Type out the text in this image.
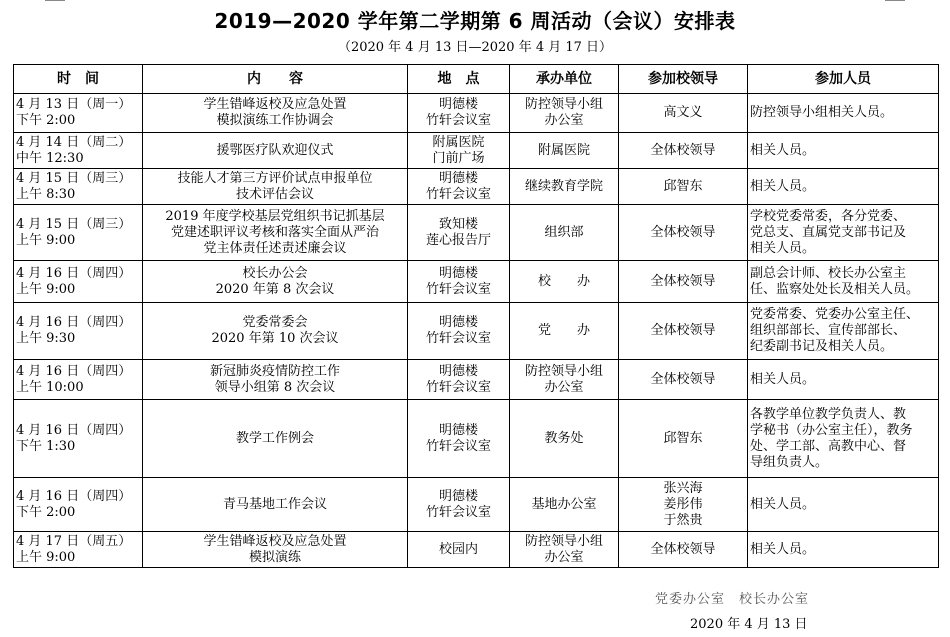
2019—2020 学年第二学期第 6 周活动（会议）安排表
（2020 年 4 月 13 日—2020 年 4 月 17 日）
时　间	内　　容	地　点	承办单位	参加校领导	参加人员

4 月 13 日（周一）
下午 2:00	学生错峰返校及应急处置
模拟演练工作协调会	明德楼
竹轩会议室	防控领导小组
办公室	高文义	防控领导小组相关人员。

4 月 14 日（周二）
中午 12:30	援鄂医疗队欢迎仪式	附属医院
门前广场	附属医院	全体校领导	相关人员。

4 月 15 日（周三）
上午 8:30	技能人才第三方评价试点申报单位
技术评估会议	明德楼
竹轩会议室	继续教育学院	邱智东	相关人员。

4 月 15 日（周三）
上午 9:00	2019 年度学校基层党组织书记抓基层
党建述职评议考核和落实全面从严治
党主体责任述责述廉会议	致知楼
莲心报告厅	组织部	全体校领导	学校党委常委，各分党委、
党总支、直属党支部书记及
相关人员。

4 月 16 日（周四）
上午 9:00	校长办公会
2020 年第 8 次会议	明德楼
竹轩会议室	校　　办	全体校领导	副总会计师、校长办公室主
任、监察处处长及相关人员。

4 月 16 日（周四）
上午 9:30	党委常委会
2020 年第 10 次会议	明德楼
竹轩会议室	党　　办	全体校领导	党委常委、党委办公室主任、
组织部部长、宣传部部长、
纪委副书记及相关人员。

4 月 16 日（周四）
上午 10:00	新冠肺炎疫情防控工作
领导小组第 8 次会议	明德楼
竹轩会议室	防控领导小组
办公室	全体校领导	相关人员。

4 月 16 日（周四）
下午 1:30	教学工作例会	明德楼
竹轩会议室	教务处	邱智东	各教学单位教学负责人、教
学秘书（办公室主任），教务
处、学工部、高教中心、督
导组负责人。

4 月 16 日（周四）
下午 2:00	青马基地工作会议	明德楼
竹轩会议室	基地办公室	张兴海
姜彤伟
于然贵	相关人员。

4 月 17 日（周五）
上午 9:00	学生错峰返校及应急处置
模拟演练	校园内	防控领导小组
办公室	全体校领导	相关人员。
党委办公室　校长办公室
2020 年 4 月 13 日
